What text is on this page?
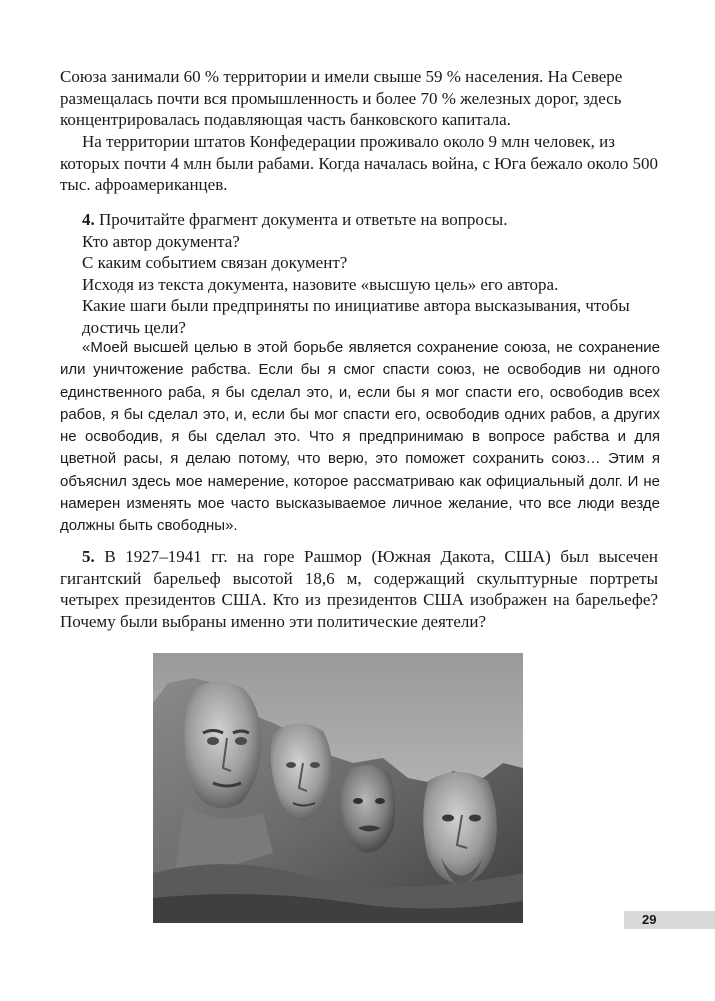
Союза занимали 60 % территории и имели свыше 59 % населения. На Севере размещалась почти вся промышленность и более 70 % железных дорог, здесь концентрировалась подавляющая часть банковского капитала.

На территории штатов Конфедерации проживало около 9 млн человек, из которых почти 4 млн были рабами. Когда началась война, с Юга бежало около 500 тыс. афроамериканцев.

4. Прочитайте фрагмент документа и ответьте на вопросы.
Кто автор документа?
С каким событием связан документ?
Исходя из текста документа, назовите «высшую цель» его автора.
Какие шаги были предприняты по инициативе автора высказывания, чтобы достичь цели?

«Моей высшей целью в этой борьбе является сохранение союза, не сохранение или уничтожение рабства. Если бы я смог спасти союз, не освободив ни одного единственного раба, я бы сделал это, и, если бы я мог спасти его, освободив всех рабов, я бы сделал это, и, если бы мог спасти его, освободив одних рабов, а других не освободив, я бы сделал это. Что я предпринимаю в вопросе рабства и для цветной расы, я делаю потому, что верю, это поможет сохранить союз… Этим я объяснил здесь мое намерение, которое рассматриваю как официальный долг. И не намерен изменять мое часто высказываемое личное желание, что все люди везде должны быть свободны».

5. В 1927–1941 гг. на горе Рашмор (Южная Дакота, США) был высечен гигантский барельеф высотой 18,6 м, содержащий скульптурные портреты четырех президентов США. Кто из президентов США изображен на барельефе? Почему были выбраны именно эти политические деятели?

29
